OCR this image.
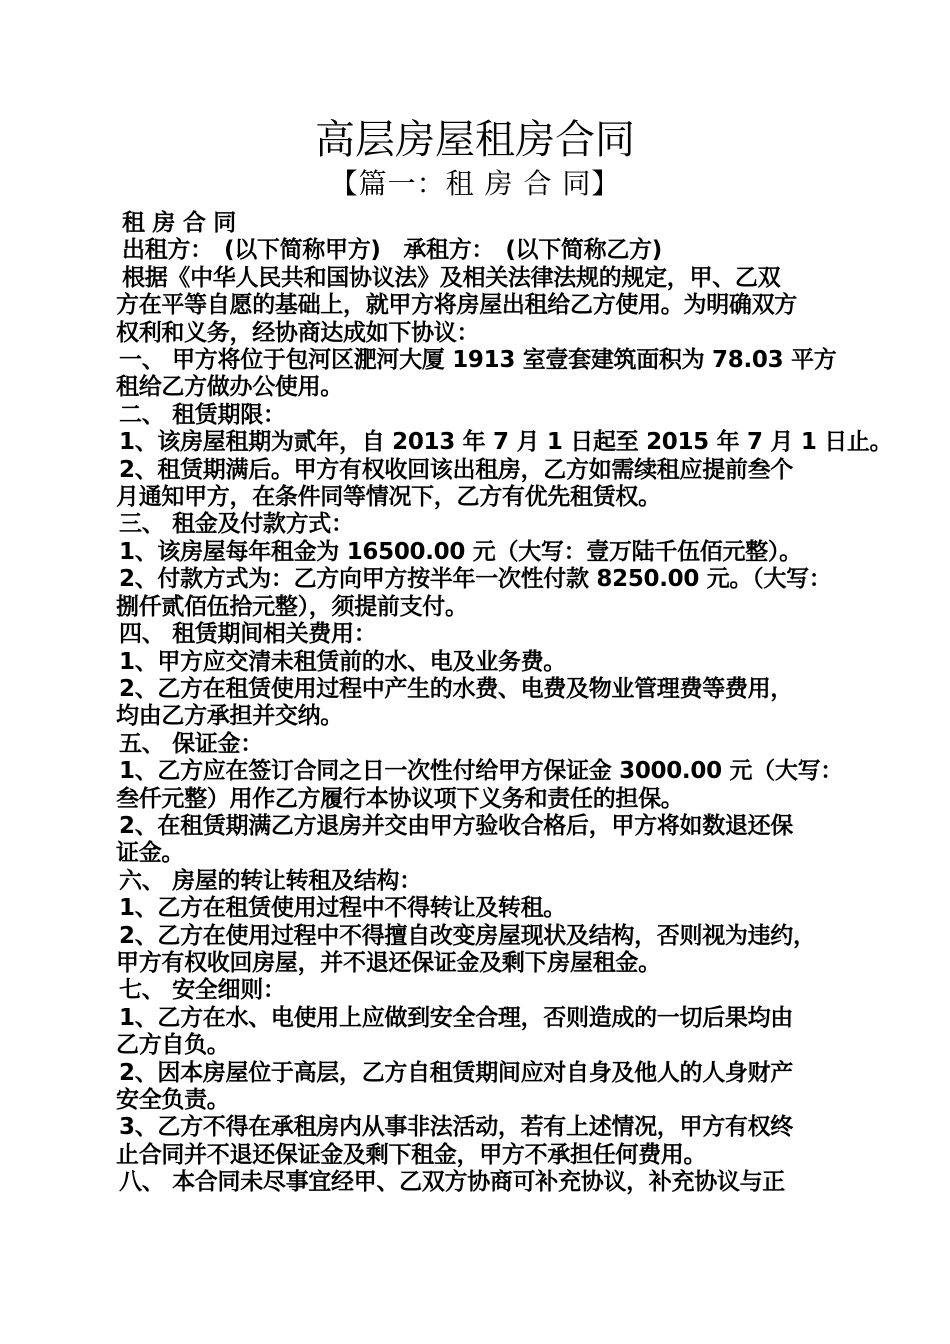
高层房屋租房合同
【篇一：租 房 合 同】
租 房 合 同
出租方：　(以下简称甲方)　承租方：　(以下简称乙方)
根据《中华人民共和国协议法》及相关法律法规的规定，甲、乙双
方在平等自愿的基础上，就甲方将房屋出租给乙方使用。为明确双方
权利和义务，经协商达成如下协议：
一、 甲方将位于包河区淝河大厦 1913 室壹套建筑面积为 78.03 平方
租给乙方做办公使用。
二、 租赁期限：
1、该房屋租期为贰年，自 2013 年 7 月 1 日起至 2015 年 7 月 1 日止。
2、租赁期满后。甲方有权收回该出租房，乙方如需续租应提前叁个
月通知甲方，在条件同等情况下，乙方有优先租赁权。
三、 租金及付款方式：
1、该房屋每年租金为 16500.00 元（大写：壹万陆千伍佰元整）。
2、付款方式为：乙方向甲方按半年一次性付款 8250.00 元。（大写：
捌仟贰佰伍拾元整），须提前支付。
四、 租赁期间相关费用：
1、甲方应交清未租赁前的水、电及业务费。
2、乙方在租赁使用过程中产生的水费、电费及物业管理费等费用，
均由乙方承担并交纳。
五、 保证金：
1、乙方应在签订合同之日一次性付给甲方保证金 3000.00 元（大写：
叁仟元整）用作乙方履行本协议项下义务和责任的担保。
2、在租赁期满乙方退房并交由甲方验收合格后，甲方将如数退还保
证金。
六、 房屋的转让转租及结构：
1、乙方在租赁使用过程中不得转让及转租。
2、乙方在使用过程中不得擅自改变房屋现状及结构，否则视为违约，
甲方有权收回房屋，并不退还保证金及剩下房屋租金。
七、 安全细则：
1、乙方在水、电使用上应做到安全合理，否则造成的一切后果均由
乙方自负。
2、因本房屋位于高层，乙方自租赁期间应对自身及他人的人身财产
安全负责。
3、乙方不得在承租房内从事非法活动，若有上述情况，甲方有权终
止合同并不退还保证金及剩下租金，甲方不承担任何费用。
八、 本合同未尽事宜经甲、乙双方协商可补充协议，补充协议与正
